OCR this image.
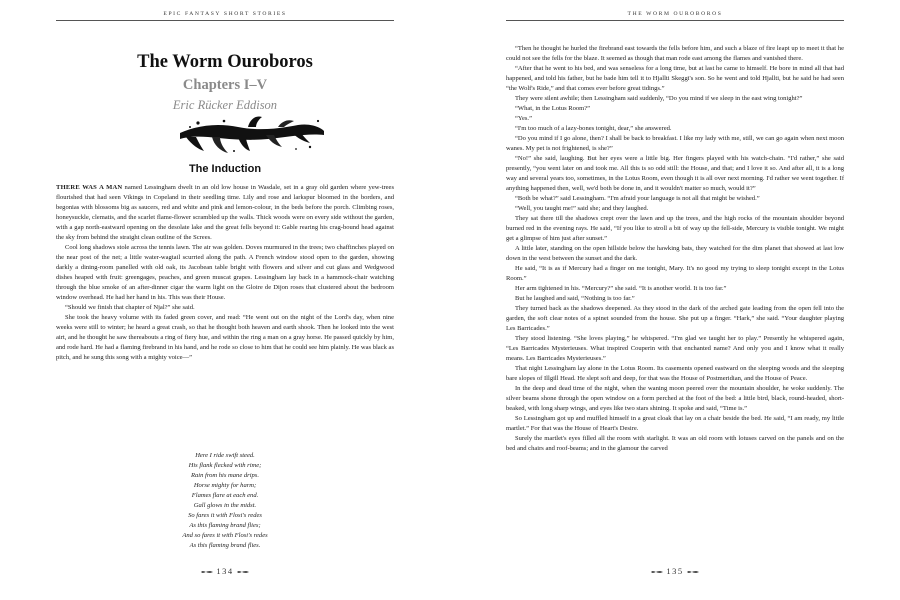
EPIC FANTASY SHORT STORIES
The Worm Ouroboros
Chapters I–V
Eric Rücker Eddison
The Induction

THERE WAS A MAN named Lessingham dwelt in an old low house in Wasdale, set in a gray old garden where yew-trees flourished that had seen Vikings in Copeland in their seedling time. Lily and rose and larkspur bloomed in the borders, and begonias with blossoms big as saucers, red and white and pink and lemon-colour, in the beds before the porch. Climbing roses, honeysuckle, clematis, and the scarlet flame-flower scrambled up the walls. Thick woods were on every side without the garden, with a gap north-eastward opening on the desolate lake and the great fells beyond it: Gable rearing his crag-bound head against the sky from behind the straight clean outline of the Screes.

Cool long shadows stole across the tennis lawn. The air was golden. Doves murmured in the trees; two chaffinches played on the near post of the net; a little water-wagtail scurried along the path. A French window stood open to the garden, showing darkly a dining-room panelled with old oak, its Jacobean table bright with flowers and silver and cut glass and Wedgwood dishes heaped with fruit: greengages, peaches, and green muscat grapes. Lessingham lay back in a hammock-chair watching through the blue smoke of an after-dinner cigar the warm light on the Gloire de Dijon roses that clustered about the bedroom window overhead. He had her hand in his. This was their House.

“Should we finish that chapter of Njal?” she said.

She took the heavy volume with its faded green cover, and read: “He went out on the night of the Lord's day, when nine weeks were still to winter; he heard a great crash, so that he thought both heaven and earth shook. Then he looked into the west airt, and he thought he saw thereabouts a ring of fiery hue, and within the ring a man on a gray horse. He passed quickly by him, and rode hard. He had a flaming firebrand in his hand, and he rode so close to him that he could see him plainly. He was black as pitch, and he sung this song with a mighty voice—”

Here I ride swift steed.
His flank flecked with rime;
Rain from his mane drips.
Horse mighty for harm;
Flames flare at each end.
Gall glows in the midst.
So fares it with Flosi's redes
As this flaming brand flies;
And so fares it with Flosi's redes
As this flaming brand flies.
134
THE WORM OUROBOROS

“Then he thought he hurled the firebrand east towards the fells before him, and such a blaze of fire leapt up to meet it that he could not see the fells for the blaze. It seemed as though that man rode east among the flames and vanished there.

“After that he went to his bed, and was senseless for a long time, but at last he came to himself. He bore in mind all that had happened, and told his father, but he bade him tell it to Hjallti Skeggi's son. So he went and told Hjallti, but he said he had seen “the Wolf's Ride,” and that comes ever before great tidings.”

They were silent awhile; then Lessingham said suddenly, “Do you mind if we sleep in the east wing tonight?”

“What, in the Lotus Room?”

“Yes.”

“I'm too much of a lazy-bones tonight, dear,” she answered.

“Do you mind if I go alone, then? I shall be back to breakfast. I like my lady with me, still, we can go again when next moon wanes. My pet is not frightened, is she?”

“No!” she said, laughing. But her eyes were a little big. Her fingers played with his watch-chain. “I'd rather,” she said presently, “you went later on and took me. All this is so odd still: the House, and that; and I love it so. And after all, it is a long way and several years too, sometimes, in the Lotus Room, even though it is all over next morning. I'd rather we went together. If anything happened then, well, we'd both be done in, and it wouldn't matter so much, would it?”

“Both be what?” said Lessingham. “I'm afraid your language is not all that might be wished.”

“Well, you taught me!” said she; and they laughed.

They sat there till the shadows crept over the lawn and up the trees, and the high rocks of the mountain shoulder beyond burned red in the evening rays. He said, “If you like to stroll a bit of way up the fell-side, Mercury is visible tonight. We might get a glimpse of him just after sunset.”

A little later, standing on the open hillside below the hawking bats, they watched for the dim planet that showed at last low down in the west between the sunset and the dark.

He said, “It is as if Mercury had a finger on me tonight, Mary. It's no good my trying to sleep tonight except in the Lotus Room.”

Her arm tightened in his. “Mercury?” she said. “It is another world. It is too far.”

But he laughed and said, “Nothing is too far.”

They turned back as the shadows deepened. As they stood in the dark of the arched gate leading from the open fell into the garden, the soft clear notes of a spinet sounded from the house. She put up a finger. “Hark,” she said. “Your daughter playing Les Barricades.”

They stood listening. “She loves playing,” he whispered. “I'm glad we taught her to play.” Presently he whispered again, “Les Barricades Mysterieuses. What inspired Couperin with that enchanted name? And only you and I know what it really means. Les Barricades Mysterieuses.”

That night Lessingham lay alone in the Lotus Room. Its casements opened eastward on the sleeping woods and the sleeping bare slopes of Illgill Head. He slept soft and deep, for that was the House of Postmeridian, and the House of Peace.

In the deep and dead time of the night, when the waning moon peered over the mountain shoulder, he woke suddenly. The silver beams shone through the open window on a form perched at the foot of the bed: a little bird, black, round-headed, short-beaked, with long sharp wings, and eyes like two stars shining. It spoke and said, “Time is.”

So Lessingham got up and muffled himself in a great cloak that lay on a chair beside the bed. He said, “I am ready, my little martlet.” For that was the House of Heart's Desire.

Surely the martlet's eyes filled all the room with starlight. It was an old room with lotuses carved on the panels and on the bed and chairs and roof-beams; and in the glamour the carved

135
